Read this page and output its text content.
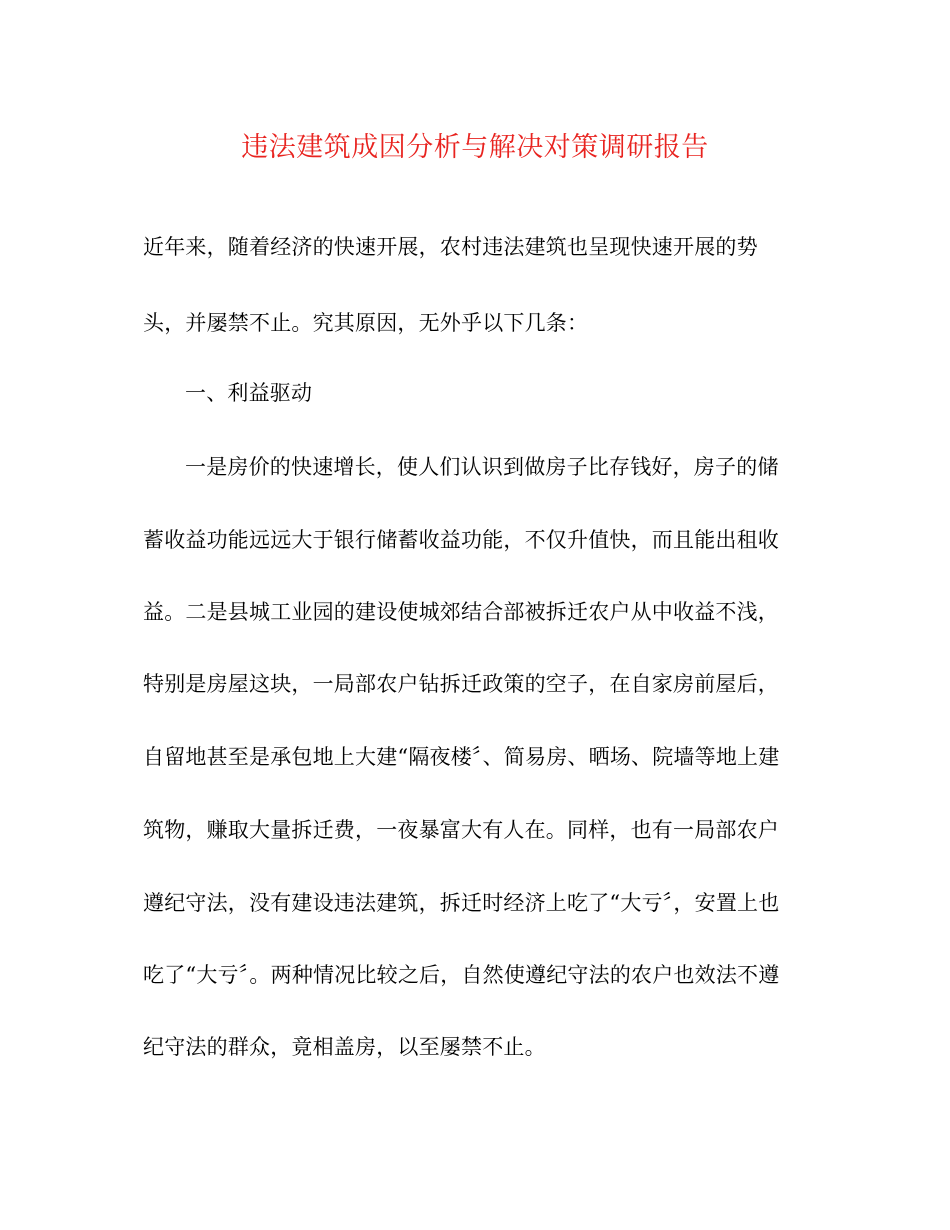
违法建筑成因分析与解决对策调研报告
近年来，随着经济的快速开展，农村违法建筑也呈现快速开展的势
头，并屡禁不止。究其原因，无外乎以下几条：
一、利益驱动
一是房价的快速增长，使人们认识到做房子比存钱好，房子的储
蓄收益功能远远大于银行储蓄收益功能，不仅升值快，而且能出租收
益。二是县城工业园的建设使城郊结合部被拆迁农户从中收益不浅，
特别是房屋这块，一局部农户钻拆迁政策的空子，在自家房前屋后，
自留地甚至是承包地上大建“隔夜楼〞、简易房、晒场、院墙等地上建
筑物，赚取大量拆迁费，一夜暴富大有人在。同样，也有一局部农户
遵纪守法，没有建设违法建筑，拆迁时经济上吃了“大亏〞，安置上也
吃了“大亏〞。两种情况比较之后，自然使遵纪守法的农户也效法不遵
纪守法的群众，竟相盖房，以至屡禁不止。
